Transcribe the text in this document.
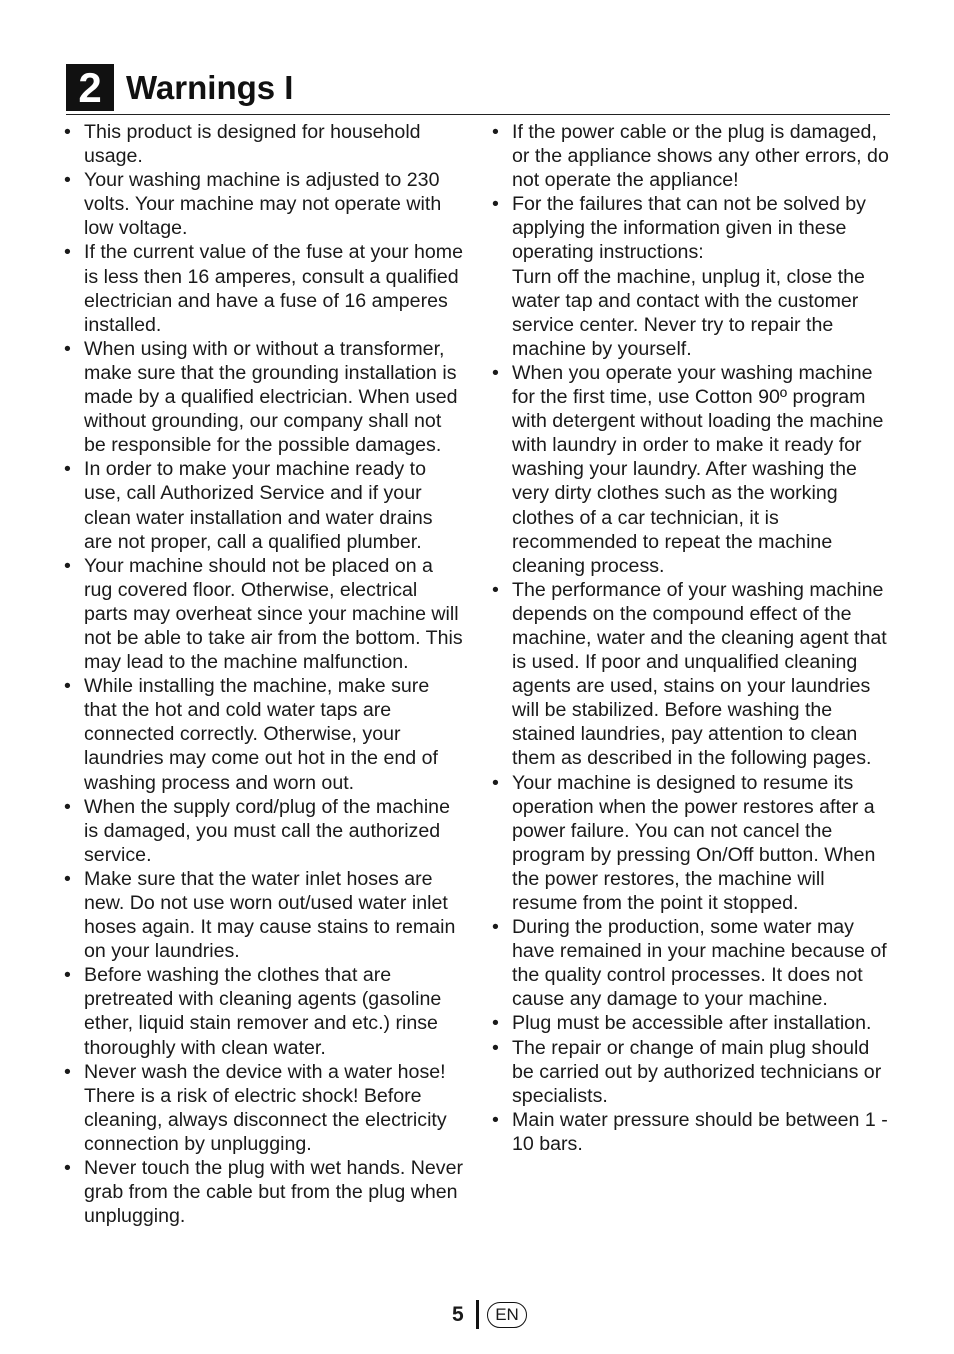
2 Warnings I
• This product is designed for household usage.
• Your washing machine is adjusted to 230 volts. Your machine may not operate with low voltage.
• If the current value of the fuse at your home is less then 16 amperes, consult a qualified electrician and have a fuse of 16 amperes installed.
• When using with or without a transformer, make sure that the grounding installation is made by a qualified electrician. When used without grounding, our company shall not be responsible for the possible damages.
• In order to make your machine ready to use, call Authorized Service and if your clean water installation and water drains are not proper, call a qualified plumber.
• Your machine should not be placed on a rug covered floor. Otherwise, electrical parts may overheat since your machine will not be able to take air from the bottom. This may lead to the machine malfunction.
• While installing the machine, make sure that the hot and cold water taps are connected correctly. Otherwise, your laundries may come out hot in the end of washing process and worn out.
• When the supply cord/plug of the machine is damaged, you must call the authorized service.
• Make sure that the water inlet hoses are new. Do not use worn out/used water inlet hoses again. It may cause stains to remain on your laundries.
• Before washing the clothes that are pretreated with cleaning agents (gasoline ether, liquid stain remover and etc.) rinse thoroughly with clean water.
• Never wash the device with a water hose! There is a risk of electric shock! Before cleaning, always disconnect the electricity connection by unplugging.
• Never touch the plug with wet hands. Never grab from the cable but from the plug when unplugging.
• If the power cable or the plug is damaged, or the appliance shows any other errors, do not operate the appliance!
• For the failures that can not be solved by applying the information given in these operating instructions:
Turn off the machine, unplug it, close the water tap and contact with the customer service center. Never try to repair the machine by yourself.
• When you operate your washing machine for the first time, use Cotton 90º program with detergent without loading the machine with laundry in order to make it ready for washing your laundry. After washing the very dirty clothes such as the working clothes of a car technician, it is recommended to repeat the machine cleaning process.
• The performance of your washing machine depends on the compound effect of the machine, water and the cleaning agent that is used. If poor and unqualified cleaning agents are used, stains on your laundries will be stabilized. Before washing the stained laundries, pay attention to clean them as described in the following pages.
• Your machine is designed to resume its operation when the power restores after a power failure. You can not cancel the program by pressing On/Off button. When the power restores, the machine will resume from the point it stopped.
• During the production, some water may have remained in your machine because of the quality control processes. It does not cause any damage to your machine.
• Plug must be accessible after installation.
• The repair or change of main plug should be carried out by authorized technicians or specialists.
• Main water pressure should be between 1 - 10 bars.
5	EN
